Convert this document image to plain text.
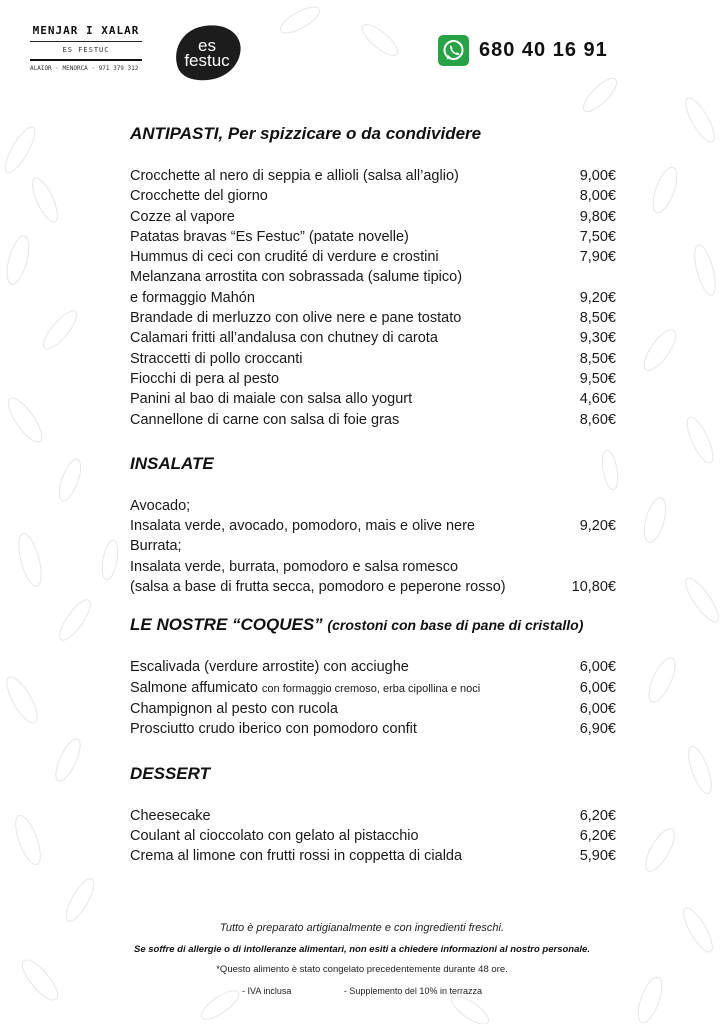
MENJAR I XALAR
ES FESTUC
ALAIOR · MENORCA · 971 379 312
es
festuc	680 40 16 91
ANTIPASTI, Per spizzicare o da condividere
Crocchette al nero di seppia e allioli (salsa all’aglio)	9,00€
Crocchette del giorno	8,00€
Cozze al vapore	9,80€
Patatas bravas “Es Festuc” (patate novelle)	7,50€
Hummus di ceci con crudité di verdure e crostini	7,90€
Melanzana arrostita con sobrassada (salume tipico)
e formaggio Mahón	9,20€
Brandade di merluzzo con olive nere e pane tostato	8,50€
Calamari fritti all’andalusa con chutney di carota	9,30€
Straccetti di pollo croccanti	8,50€
Fiocchi di pera al pesto	9,50€
Panini al bao di maiale con salsa allo yogurt	4,60€
Cannellone di carne con salsa di foie gras	8,60€
INSALATE
Avocado;
Insalata verde, avocado, pomodoro, mais e olive nere	9,20€
Burrata;
Insalata verde, burrata, pomodoro e salsa romesco
(salsa a base di frutta secca, pomodoro e peperone rosso)	10,80€
LE NOSTRE “COQUES” (crostoni con base di pane di cristallo)
Escalivada (verdure arrostite) con acciughe	6,00€
Salmone affumicato con formaggio cremoso, erba cipollina e noci	6,00€
Champignon al pesto con rucola	6,00€
Prosciutto crudo iberico con pomodoro confit	6,90€
DESSERT
Cheesecake	6,20€
Coulant al cioccolato con gelato al pistacchio	6,20€
Crema al limone con frutti rossi in coppetta di cialda	5,90€
Tutto è preparato artigianalmente e con ingredienti freschi.
Se soffre di allergie o di intolleranze alimentari, non esiti a chiedere informazioni al nostro personale.
*Questo alimento è stato congelato precedentemente durante 48 ore.
- IVA inclusa	- Supplemento del 10% in terrazza
